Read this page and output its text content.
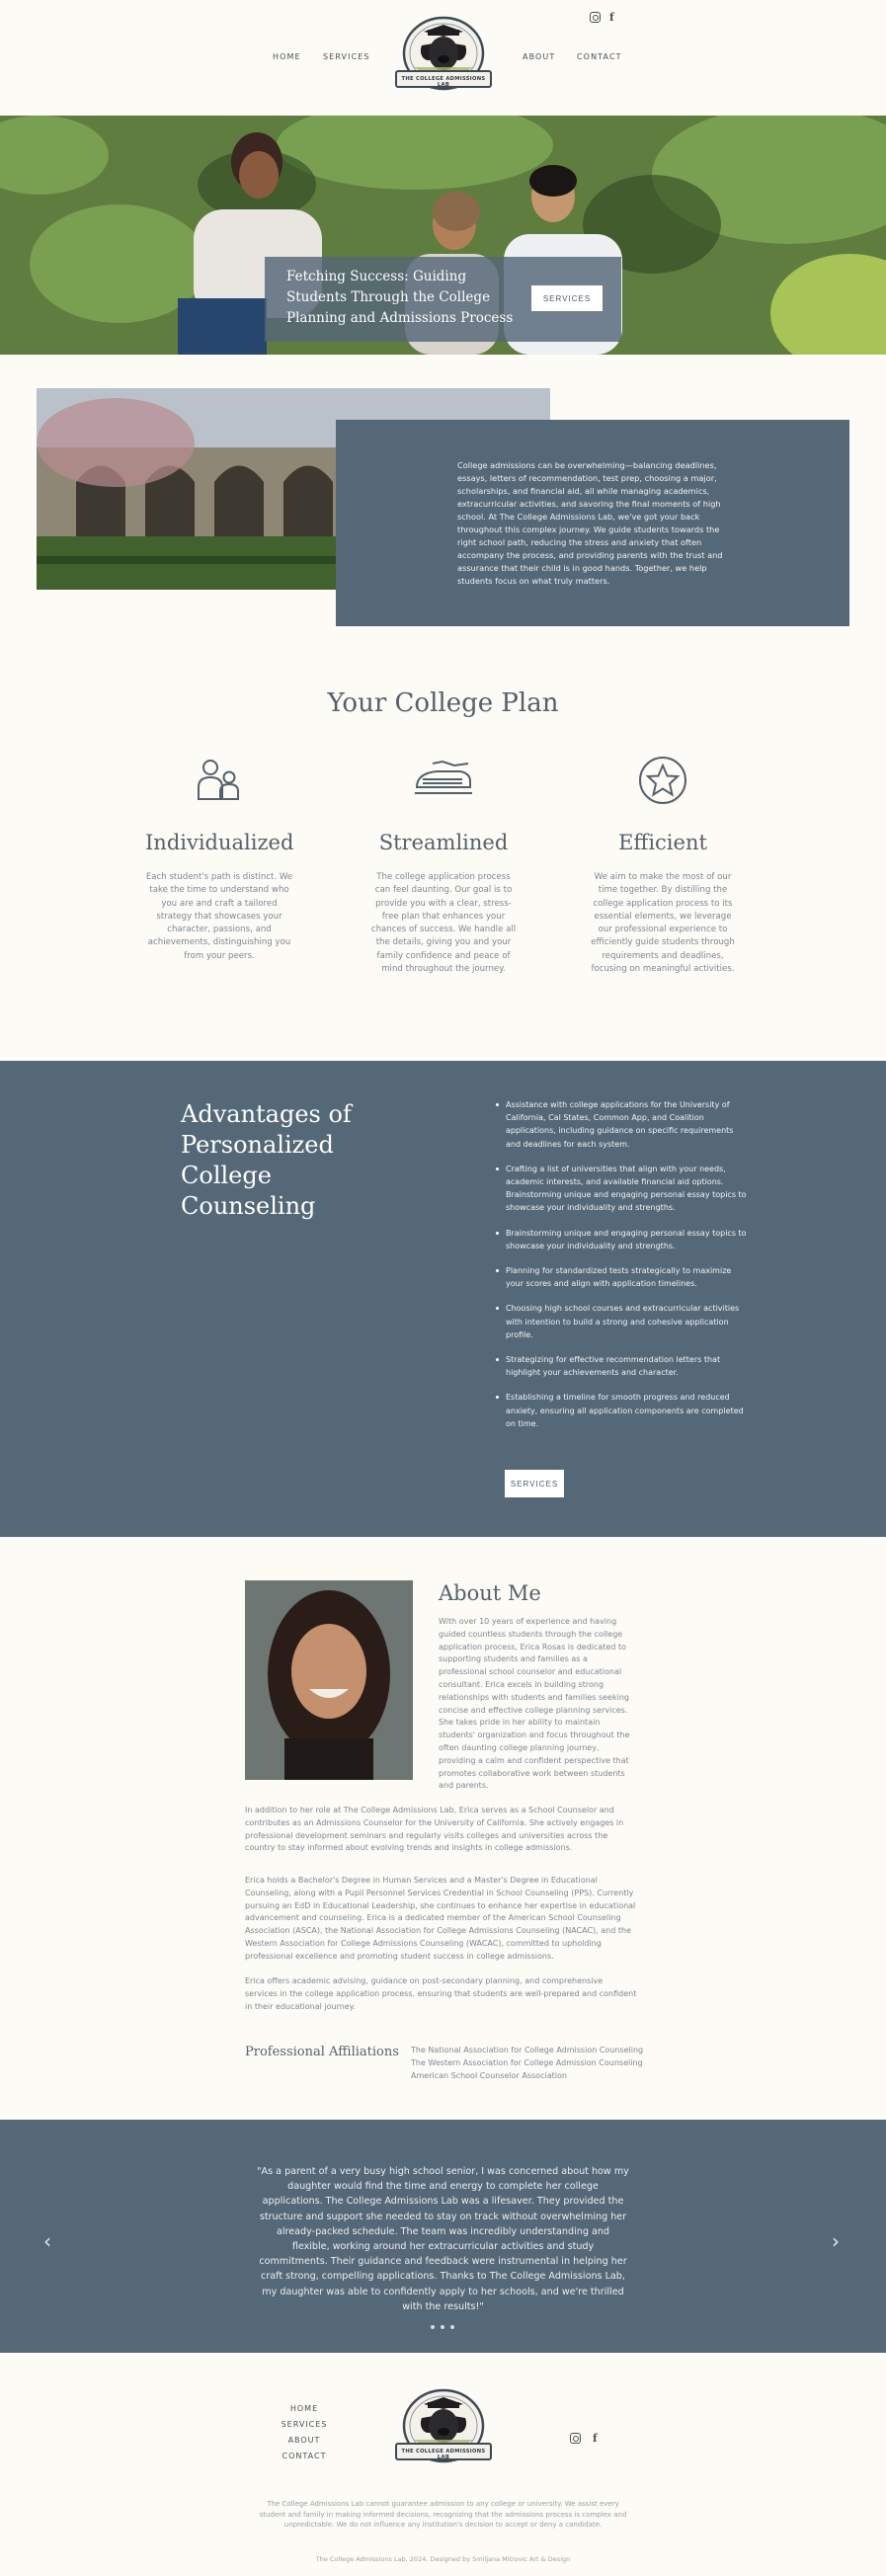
f
HOME	SERVICES
THE COLLEGE ADMISSIONS LAB
ABOUT	CONTACT
Fetching Success: Guiding Students Through the College Planning and Admissions Process
SERVICES
College admissions can be overwhelming—balancing deadlines, essays, letters of recommendation, test prep, choosing a major, scholarships, and financial aid, all while managing academics, extracurricular activities, and savoring the final moments of high school. At The College Admissions Lab, we've got your back throughout this complex journey. We guide students towards the right school path, reducing the stress and anxiety that often accompany the process, and providing parents with the trust and assurance that their child is in good hands. Together, we help students focus on what truly matters.
Your College Plan
Individualized
Each student's path is distinct. We take the time to understand who you are and craft a tailored strategy that showcases your character, passions, and achievements, distinguishing you from your peers.
Streamlined
The college application process can feel daunting. Our goal is to provide you with a clear, stress-free plan that enhances your chances of success. We handle all the details, giving you and your family confidence and peace of mind throughout the journey.
Efficient
We aim to make the most of our time together. By distilling the college application process to its essential elements, we leverage our professional experience to efficiently guide students through requirements and deadlines, focusing on meaningful activities.
Advantages of Personalized College Counseling
Assistance with college applications for the University of California, Cal States, Common App, and Coalition applications, including guidance on specific requirements and deadlines for each system.
Crafting a list of universities that align with your needs, academic interests, and available financial aid options. Brainstorming unique and engaging personal essay topics to showcase your individuality and strengths.
Brainstorming unique and engaging personal essay topics to showcase your individuality and strengths.
Planning for standardized tests strategically to maximize your scores and align with application timelines.
Choosing high school courses and extracurricular activities with intention to build a strong and cohesive application profile.
Strategizing for effective recommendation letters that highlight your achievements and character.
Establishing a timeline for smooth progress and reduced anxiety, ensuring all application components are completed on time.
SERVICES
About Me
With over 10 years of experience and having guided countless students through the college application process, Erica Rosas is dedicated to supporting students and families as a professional school counselor and educational consultant. Erica excels in building strong relationships with students and families seeking concise and effective college planning services. She takes pride in her ability to maintain students' organization and focus throughout the often daunting college planning journey, providing a calm and confident perspective that promotes collaborative work between students and parents.
In addition to her role at The College Admissions Lab, Erica serves as a School Counselor and contributes as an Admissions Counselor for the University of California. She actively engages in professional development seminars and regularly visits colleges and universities across the country to stay informed about evolving trends and insights in college admissions.
Erica holds a Bachelor's Degree in Human Services and a Master's Degree in Educational Counseling, along with a Pupil Personnel Services Credential in School Counseling (PPS). Currently pursuing an EdD in Educational Leadership, she continues to enhance her expertise in educational advancement and counseling. Erica is a dedicated member of the American School Counseling Association (ASCA), the National Association for College Admissions Counseling (NACAC), and the Western Association for College Admissions Counseling (WACAC), committed to upholding professional excellence and promoting student success in college admissions.
Erica offers academic advising, guidance on post-secondary planning, and comprehensive services in the college application process, ensuring that students are well-prepared and confident in their educational journey.
Professional Affiliations The National Association for College Admission Counseling
The Western Association for College Admission Counseling
American School Counselor Association
‹
"As a parent of a very busy high school senior, I was concerned about how my daughter would find the time and energy to complete her college applications. The College Admissions Lab was a lifesaver. They provided the structure and support she needed to stay on track without overwhelming her already-packed schedule. The team was incredibly understanding and flexible, working around her extracurricular activities and study commitments. Their guidance and feedback were instrumental in helping her craft strong, compelling applications. Thanks to The College Admissions Lab, my daughter was able to confidently apply to her schools, and we're thrilled with the results!"
›
HOME
SERVICES
ABOUT
CONTACT	THE COLLEGE ADMISSIONS LAB
f
The College Admissions Lab cannot guarantee admission to any college or university. We assist every student and family in making informed decisions, recognizing that the admissions process is complex and unpredictable. We do not influence any institution's decision to accept or deny a candidate.
The College Admissions Lab, 2024. Designed by Smiljana Mitrovic Art & Design
